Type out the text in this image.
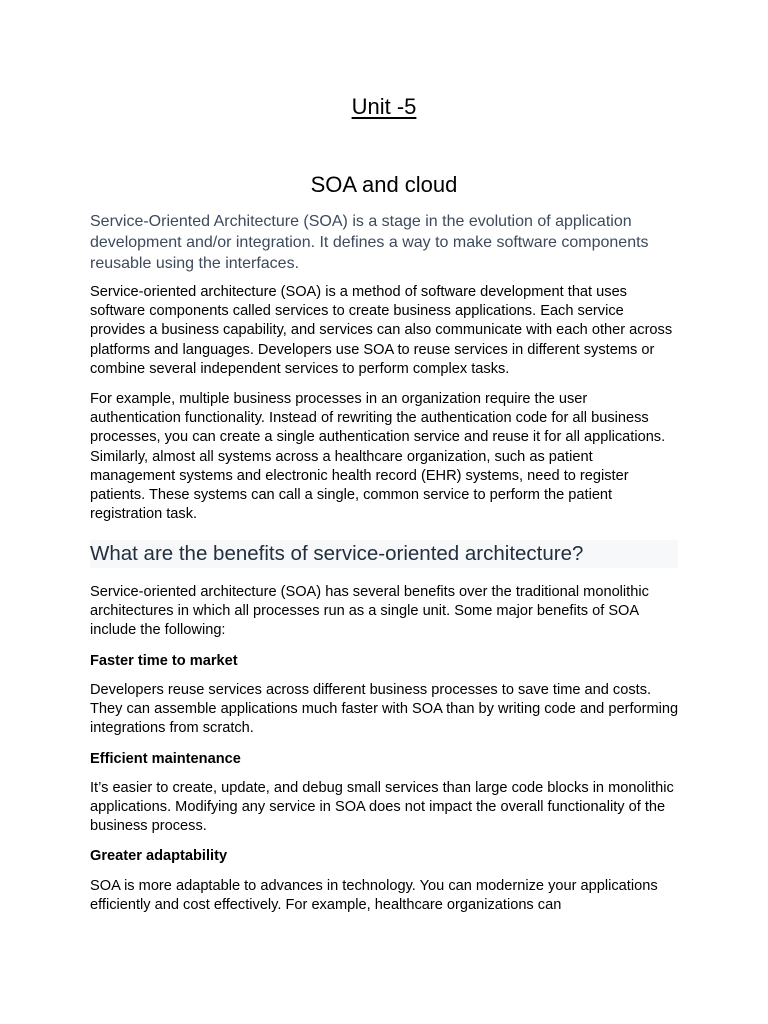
Unit -5
SOA and cloud
Service-Oriented Architecture (SOA) is a stage in the evolution of application development and/or integration. It defines a way to make software components reusable using the interfaces.

Service-oriented architecture (SOA) is a method of software development that uses software components called services to create business applications. Each service provides a business capability, and services can also communicate with each other across platforms and languages. Developers use SOA to reuse services in different systems or combine several independent services to perform complex tasks.

For example, multiple business processes in an organization require the user authentication functionality. Instead of rewriting the authentication code for all business processes, you can create a single authentication service and reuse it for all applications. Similarly, almost all systems across a healthcare organization, such as patient management systems and electronic health record (EHR) systems, need to register patients. These systems can call a single, common service to perform the patient registration task.

What are the benefits of service-oriented architecture?

Service-oriented architecture (SOA) has several benefits over the traditional monolithic architectures in which all processes run as a single unit. Some major benefits of SOA include the following:

Faster time to market

Developers reuse services across different business processes to save time and costs. They can assemble applications much faster with SOA than by writing code and performing integrations from scratch.

Efficient maintenance

It’s easier to create, update, and debug small services than large code blocks in monolithic applications. Modifying any service in SOA does not impact the overall functionality of the business process.

Greater adaptability

SOA is more adaptable to advances in technology. You can modernize your applications efficiently and cost effectively. For example, healthcare organizations can
